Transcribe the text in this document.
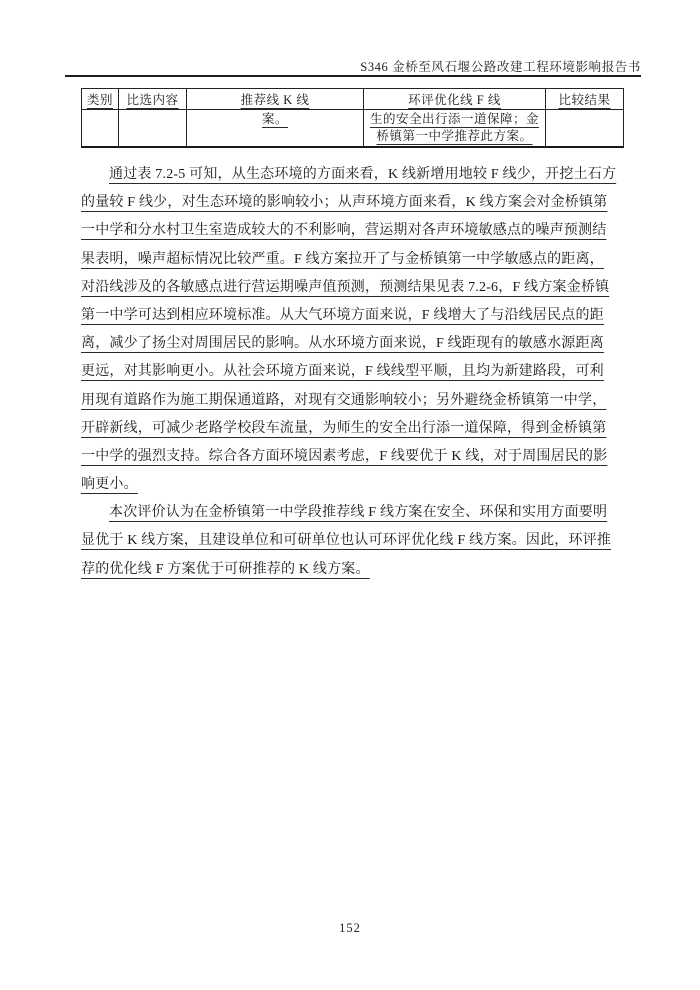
S346 金桥至风石堰公路改建工程环境影响报告书
类别	比选内容	推荐线 K 线	环评优化线 F 线	比较结果
		案。	生的安全出行添一道保障；金桥镇第一中学推荐此方案。	
通过表 7.2-5 可知，从生态环境的方面来看，K 线新增用地较 F 线少，开挖土石方
的量较 F 线少，对生态环境的影响较小；从声环境方面来看，K 线方案会对金桥镇第
一中学和分水村卫生室造成较大的不利影响，营运期对各声环境敏感点的噪声预测结
果表明，噪声超标情况比较严重。F 线方案拉开了与金桥镇第一中学敏感点的距离，
对沿线涉及的各敏感点进行营运期噪声值预测，预测结果见表 7.2-6，F 线方案金桥镇
第一中学可达到相应环境标准。从大气环境方面来说，F 线增大了与沿线居民点的距
离，减少了扬尘对周围居民的影响。从水环境方面来说，F 线距现有的敏感水源距离
更远，对其影响更小。从社会环境方面来说，F 线线型平顺，且均为新建路段，可利
用现有道路作为施工期保通道路，对现有交通影响较小；另外避绕金桥镇第一中学，
开辟新线，可减少老路学校段车流量，为师生的安全出行添一道保障，得到金桥镇第
一中学的强烈支持。综合各方面环境因素考虑，F 线要优于 K 线，对于周围居民的影
响更小。
本次评价认为在金桥镇第一中学段推荐线 F 线方案在安全、环保和实用方面要明
显优于 K 线方案，且建设单位和可研单位也认可环评优化线 F 线方案。因此，环评推
荐的优化线 F 方案优于可研推荐的 K 线方案。
152
